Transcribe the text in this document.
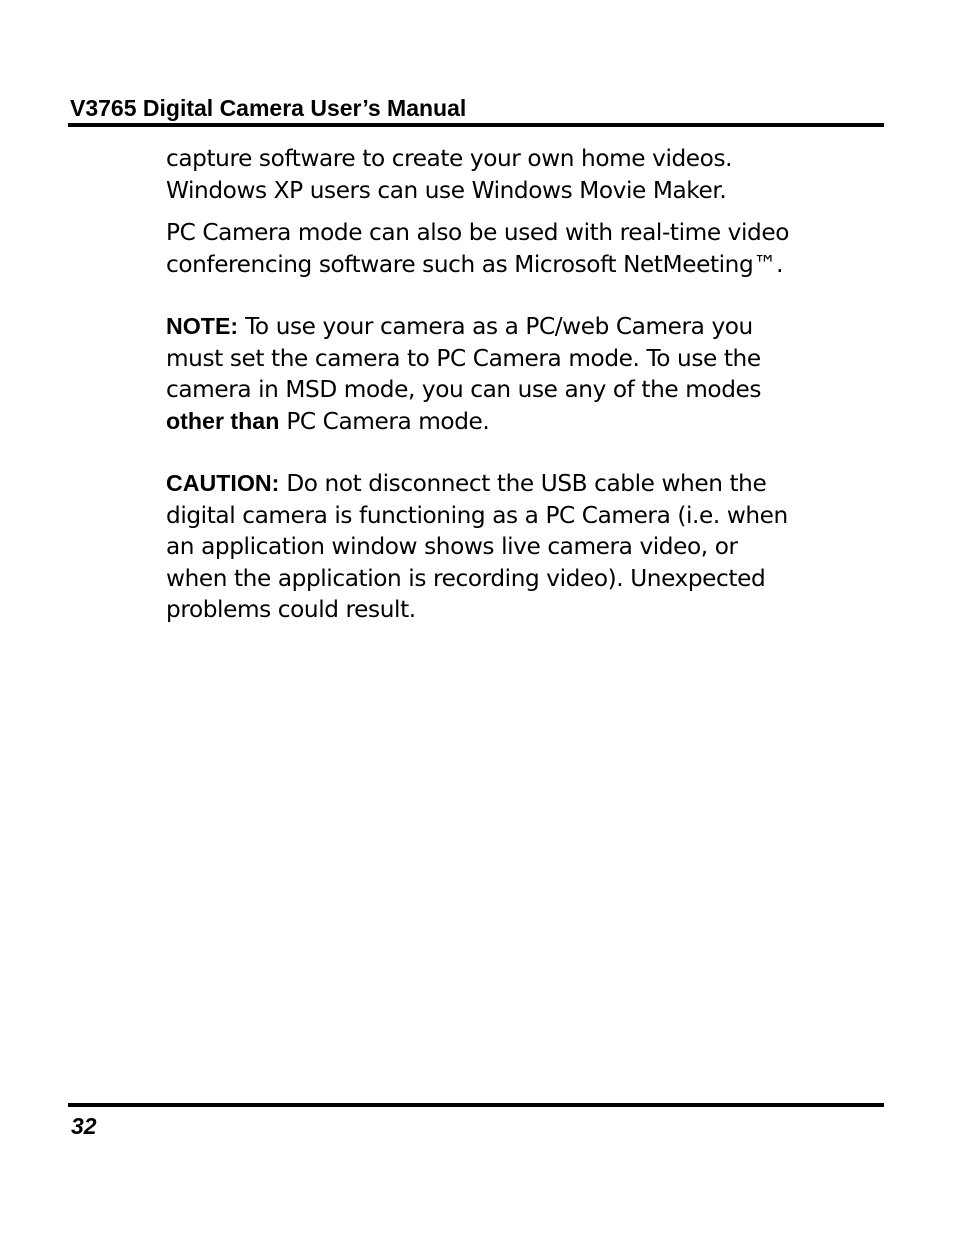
V3765 Digital Camera User’s Manual

capture software to create your own home videos.
Windows XP users can use Windows Movie Maker.

PC Camera mode can also be used with real-time video
conferencing software such as Microsoft NetMeeting™.

NOTE: To use your camera as a PC/web Camera you
must set the camera to PC Camera mode. To use the
camera in MSD mode, you can use any of the modes
other than PC Camera mode.

CAUTION: Do not disconnect the USB cable when the
digital camera is functioning as a PC Camera (i.e. when
an application window shows live camera video, or
when the application is recording video). Unexpected
problems could result.

32
